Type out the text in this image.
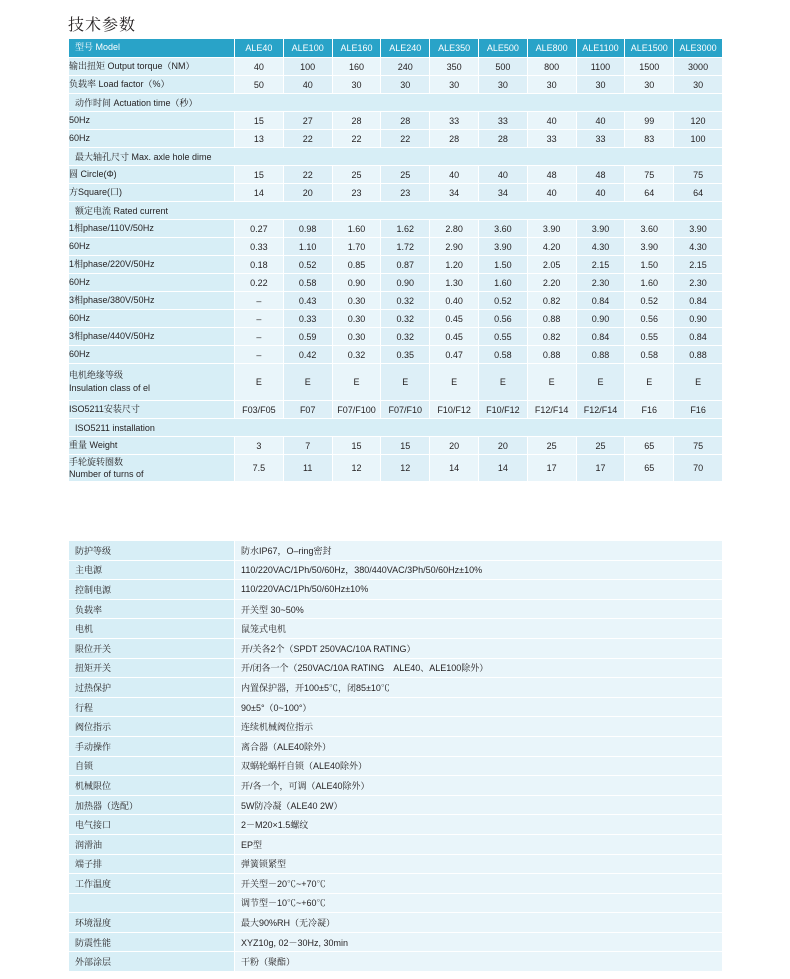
技术参数
型号 Model	ALE40	ALE100	ALE160	ALE240	ALE350	ALE500	ALE800	ALE1100	ALE1500	ALE3000
输出扭矩 Output torque（NM）	40	100	160	240	350	500	800	1100	1500	3000
负载率 Load factor（%）	50	40	30	30	30	30	30	30	30	30
动作时间 Actuation time（秒）										
50Hz	15	27	28	28	33	33	40	40	99	120
60Hz	13	22	22	22	28	28	33	33	83	100
最大轴孔尺寸 Max. axle hole dime										
圆 Circle(Φ)	15	22	25	25	40	40	48	48	75	75
方Square(口)	14	20	23	23	34	34	40	40	64	64
额定电流 Rated current										
1相phase/110V/50Hz	0.27	0.98	1.60	1.62	2.80	3.60	3.90	3.90	3.60	3.90
60Hz	0.33	1.10	1.70	1.72	2.90	3.90	4.20	4.30	3.90	4.30
1相phase/220V/50Hz	0.18	0.52	0.85	0.87	1.20	1.50	2.05	2.15	1.50	2.15
60Hz	0.22	0.58	0.90	0.90	1.30	1.60	2.20	2.30	1.60	2.30
3相phase/380V/50Hz	–	0.43	0.30	0.32	0.40	0.52	0.82	0.84	0.52	0.84
60Hz	–	0.33	0.30	0.32	0.45	0.56	0.88	0.90	0.56	0.90
3相phase/440V/50Hz	–	0.59	0.30	0.32	0.45	0.55	0.82	0.84	0.55	0.84
60Hz	–	0.42	0.32	0.35	0.47	0.58	0.88	0.88	0.58	0.88
电机绝缘等级
Insulation class of el	E	E	E	E	E	E	E	E	E	E
ISO5211安装尺寸	F03/F05	F07	F07/F100	F07/F10	F10/F12	F10/F12	F12/F14	F12/F14	F16	F16
ISO5211 installation										
重量 Weight	3	7	15	15	20	20	25	25	65	75
手轮旋转圈数
Number of turns of	7.5	11	12	12	14	14	17	17	65	70
防护等级	防水IP67，O–ring密封
主电源	110/220VAC/1Ph/50/60Hz，380/440VAC/3Ph/50/60Hz±10%
控制电源	110/220VAC/1Ph/50/60Hz±10%
负载率	开关型 30~50%
电机	鼠笼式电机
限位开关	开/关各2个（SPDT 250VAC/10A RATING）
扭矩开关	开/闭各一个（250VAC/10A RATING　ALE40、ALE100除外）
过热保护	内置保护器，开100±5℃，闭85±10℃
行程	90±5°（0~100°）
阀位指示	连续机械阀位指示
手动操作	离合器（ALE40除外）
自锁	双蜗轮蜗杆自锁（ALE40除外）
机械限位	开/各一个，可调（ALE40除外）
加热器（选配）	5W防冷凝（ALE40 2W）
电气接口	2－M20×1.5螺纹
润滑油	EP型
端子排	弹簧锁紧型
工作温度	开关型－20℃~+70℃
	调节型－10℃~+60℃
环境湿度	最大90%RH（无冷凝）
防震性能	XYZ10g, 02－30Hz, 30min
外部涂层	干粉（聚酯）
